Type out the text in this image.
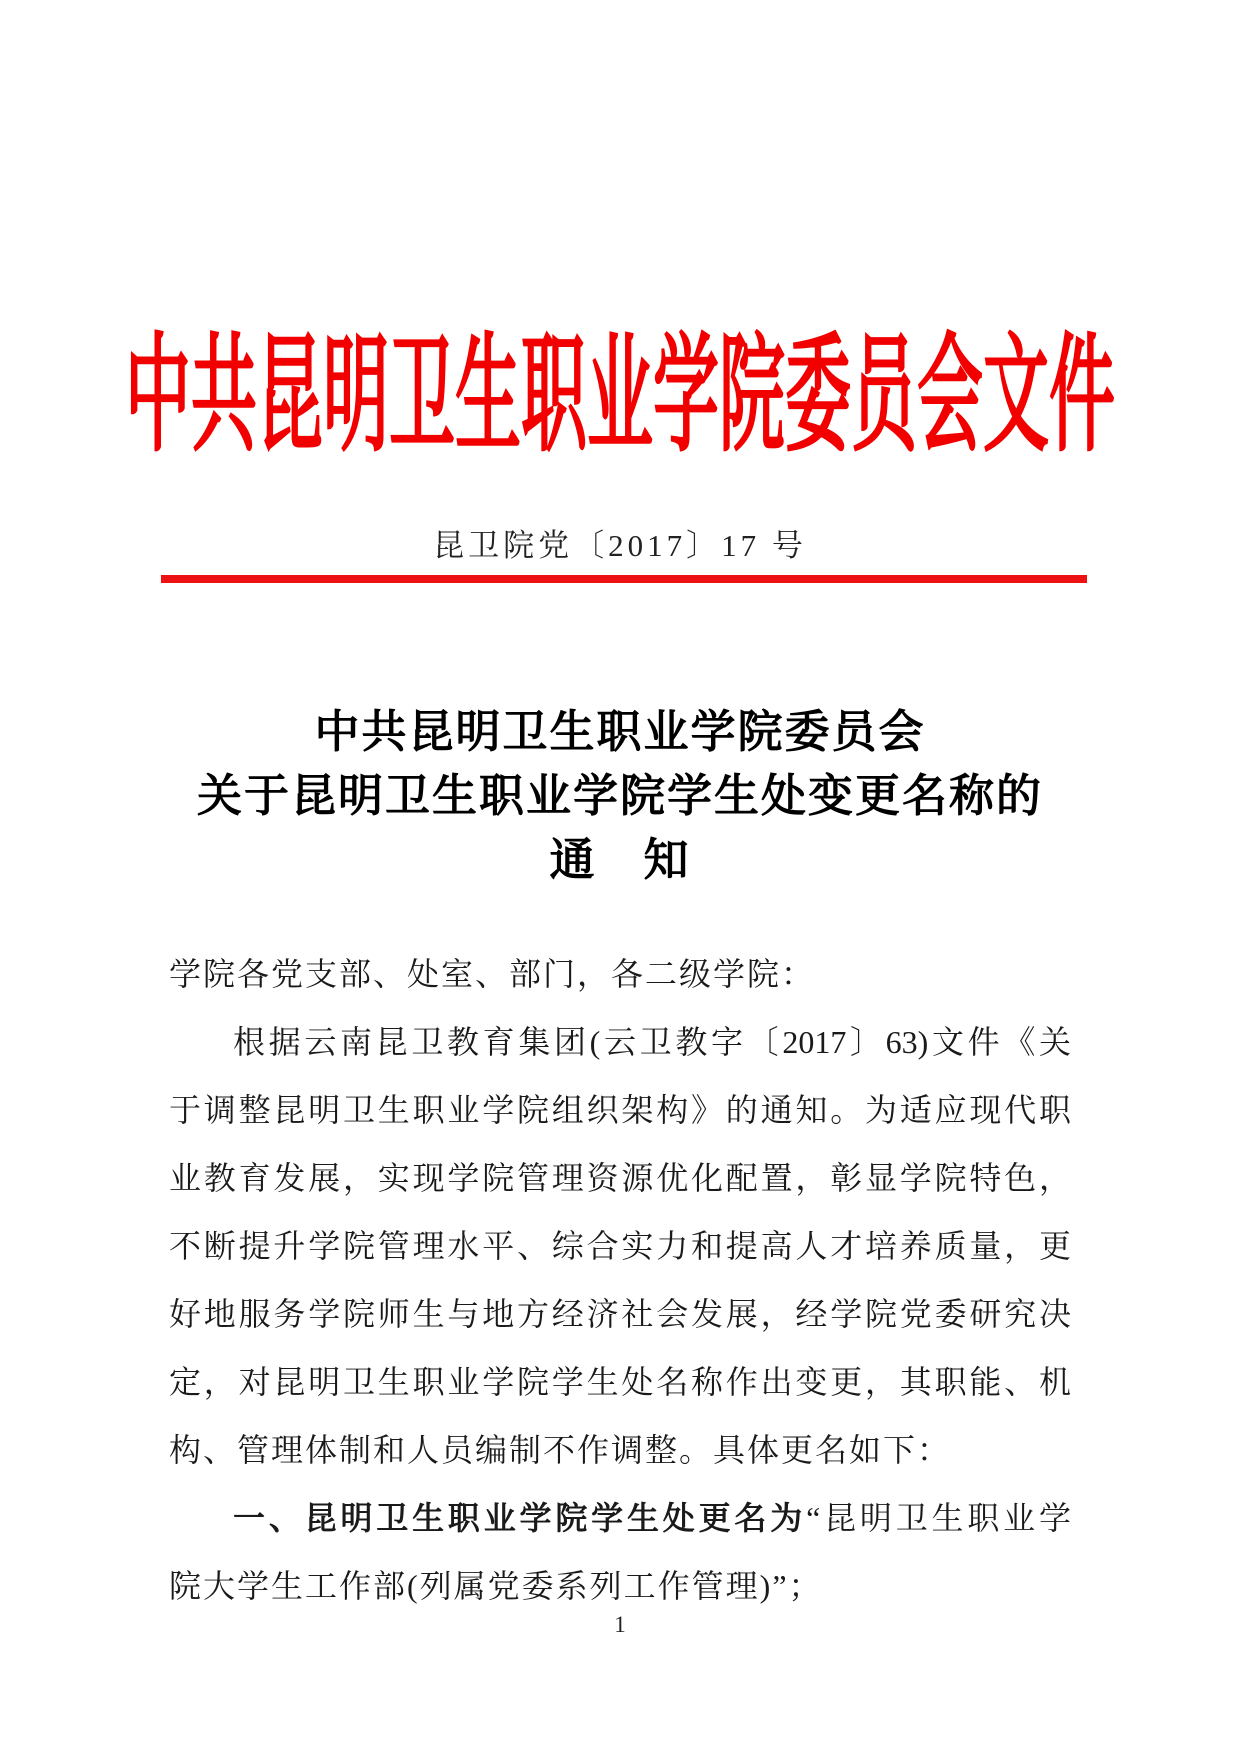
中共昆明卫生职业学院委员会文件
昆卫院党〔2017〕17 号
中共昆明卫生职业学院委员会
关于昆明卫生职业学院学生处变更名称的
通　知
学院各党支部、处室、部门，各二级学院：
根据云南昆卫教育集团(云卫教字〔2017〕63)文件《关
于调整昆明卫生职业学院组织架构》的通知。为适应现代职
业教育发展，实现学院管理资源优化配置，彰显学院特色，
不断提升学院管理水平、综合实力和提高人才培养质量，更
好地服务学院师生与地方经济社会发展，经学院党委研究决
定，对昆明卫生职业学院学生处名称作出变更，其职能、机
构、管理体制和人员编制不作调整。具体更名如下：
一、昆明卫生职业学院学生处更名为“昆明卫生职业学
院大学生工作部(列属党委系列工作管理)”；
1
